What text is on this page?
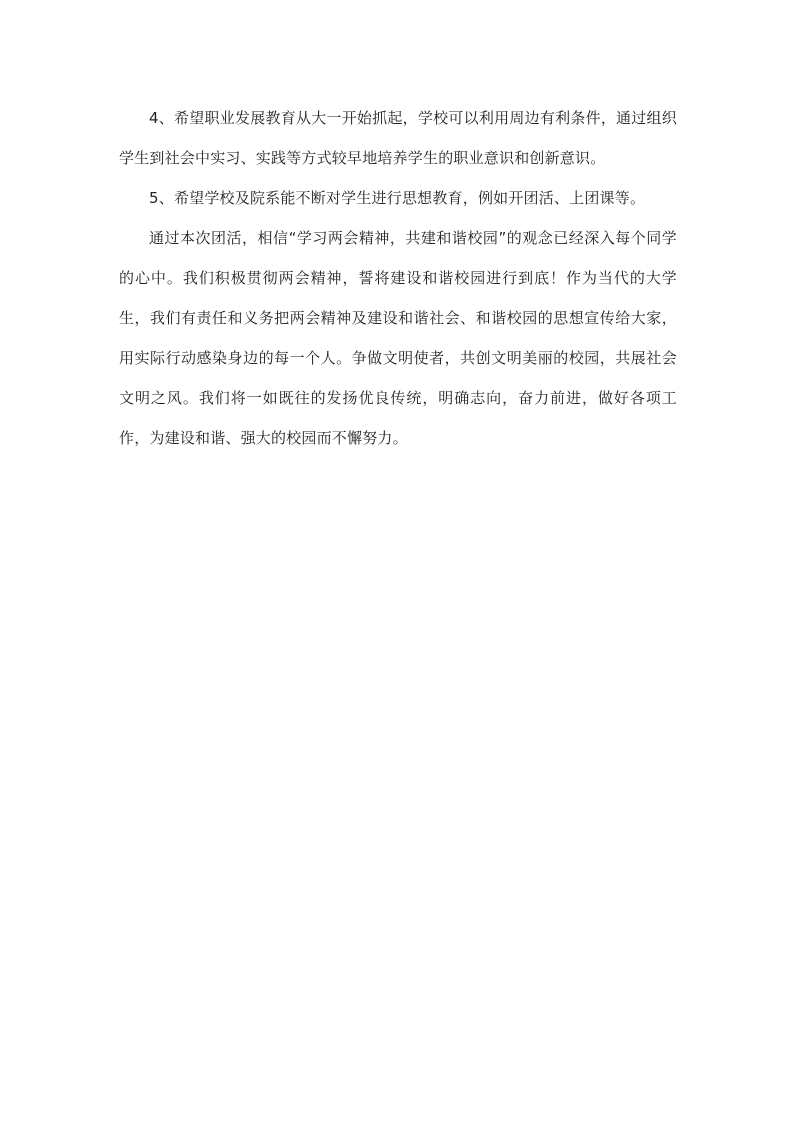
4、希望职业发展教育从大一开始抓起，学校可以利用周边有利条件，通过组织学生到社会中实习、实践等方式较早地培养学生的职业意识和创新意识。

5、希望学校及院系能不断对学生进行思想教育，例如开团活、上团课等。

通过本次团活，相信“学习两会精神，共建和谐校园”的观念已经深入每个同学的心中。我们积极贯彻两会精神，誓将建设和谐校园进行到底！作为当代的大学生，我们有责任和义务把两会精神及建设和谐社会、和谐校园的思想宣传给大家，用实际行动感染身边的每一个人。争做文明使者，共创文明美丽的校园，共展社会文明之风。我们将一如既往的发扬优良传统，明确志向，奋力前进，做好各项工作，为建设和谐、强大的校园而不懈努力。
